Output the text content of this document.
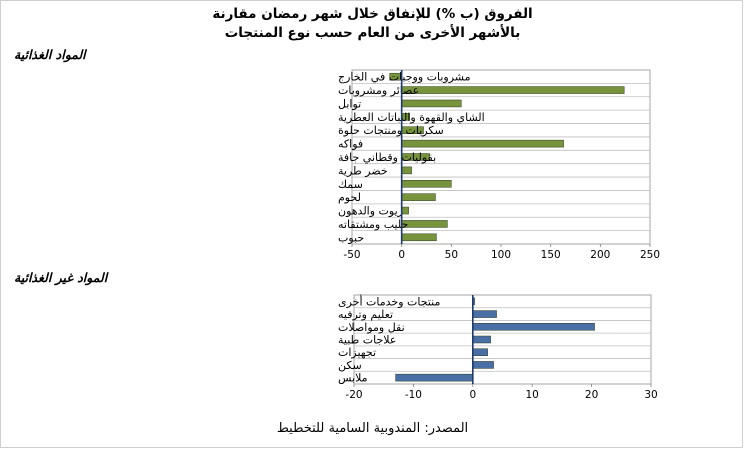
الفروق (ب %) للإنفاق خلال شهر رمضان مقارنة
بالأشهر الأخرى من العام حسب نوع المنتجات
المواد الغذائية
المواد غير الغذائية
مشروبات ووجبات في الخارج
عصائر ومشروبات
توابل
الشاي والقهوة والنباتات العطرية
سكريات ومنتجات حلوة
فواكه
بقوليات وقطاني جافة
خضر طرية
سمك
لحوم
زيوت والدهون
حليب ومشتقاته
حبوب
-50	0	50	100	150	200	250
منتجات وخدمات أخرى
تعليم وترفيه
نقل ومواصلات
علاجات طبية
تجهيزات
سكن
ملابس
-20	-10	0	10	20	30
المصدر: المندوبية السامية للتخطيط
